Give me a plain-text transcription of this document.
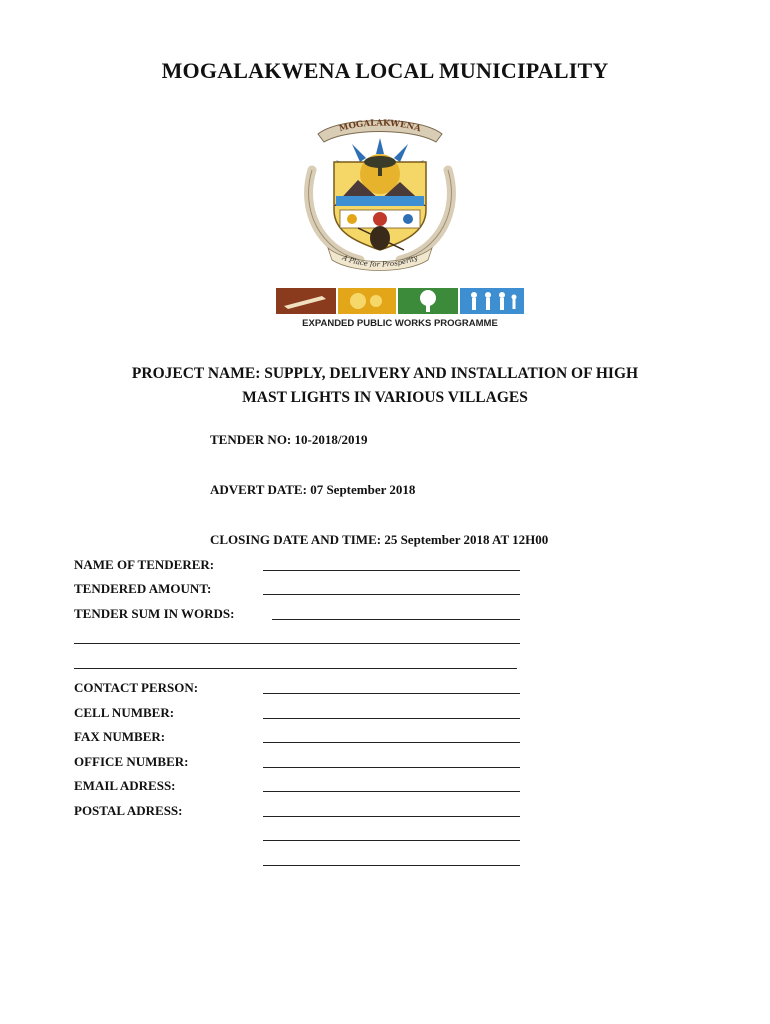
MOGALAKWENA LOCAL MUNICIPALITY
MOGALAKWENA
A Place for Prosperity
EXPANDED PUBLIC WORKS PROGRAMME
PROJECT NAME: SUPPLY, DELIVERY AND INSTALLATION OF HIGH
MAST LIGHTS IN VARIOUS VILLAGES
TENDER NO: 10-2018/2019
ADVERT DATE: 07 September 2018
CLOSING DATE AND TIME: 25 September 2018 AT 12H00
NAME OF TENDERER:
TENDERED AMOUNT:
TENDER SUM IN WORDS:
CONTACT PERSON:
CELL NUMBER:
FAX NUMBER:
OFFICE NUMBER:
EMAIL ADRESS:
POSTAL ADRESS:
